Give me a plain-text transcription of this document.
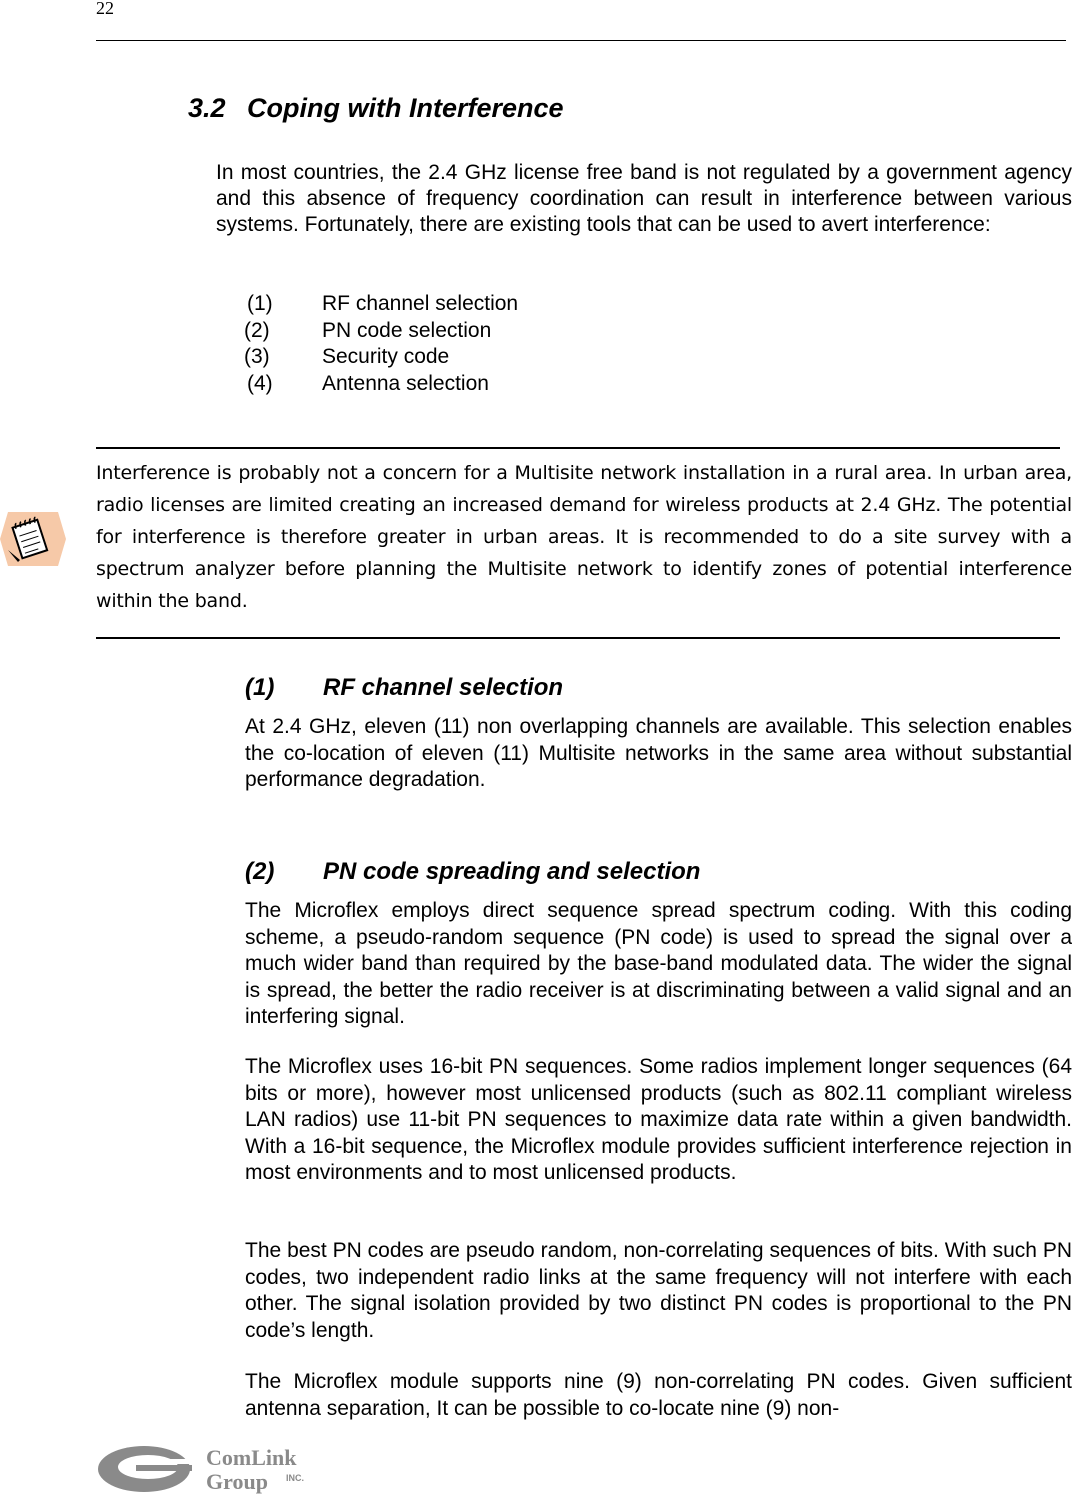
22
3.2 Coping with Interference

In most countries, the 2.4 GHz license free band is not regulated by a government agency and this absence of frequency coordination can result in interference between various systems. Fortunately, there are existing tools that can be used to avert interference:

(1) RF channel selection
(2) PN code selection
(3) Security code
(4) Antenna selection

Interference is probably not a concern for a Multisite network installation in a rural area. In urban area, radio licenses are limited creating an increased demand for wireless products at 2.4 GHz. The potential for interference is therefore greater in urban areas. It is recommended to do a site survey with a spectrum analyzer before planning the Multisite network to identify zones of potential interference within the band.

(1) RF channel selection

At 2.4 GHz, eleven (11) non overlapping channels are available. This selection enables the co-location of eleven (11) Multisite networks in the same area without substantial performance degradation.

(2) PN code spreading and selection

The Microflex employs direct sequence spread spectrum coding. With this coding scheme, a pseudo-random sequence (PN code) is used to spread the signal over a much wider band than required by the base-band modulated data. The wider the signal is spread, the better the radio receiver is at discriminating between a valid signal and an interfering signal.

The Microflex uses 16-bit PN sequences. Some radios implement longer sequences (64 bits or more), however most unlicensed products (such as 802.11 compliant wireless LAN radios) use 11-bit PN sequences to maximize data rate within a given bandwidth. With a 16-bit sequence, the Microflex module provides sufficient interference rejection in most environments and to most unlicensed products.

The best PN codes are pseudo random, non-correlating sequences of bits. With such PN codes, two independent radio links at the same frequency will not interfere with each other. The signal isolation provided by two distinct PN codes is proportional to the PN code’s length.

The Microflex module supports nine (9) non-correlating PN codes. Given sufficient antenna separation, It can be possible to co-locate nine (9) non-

ComLink
Group INC.
